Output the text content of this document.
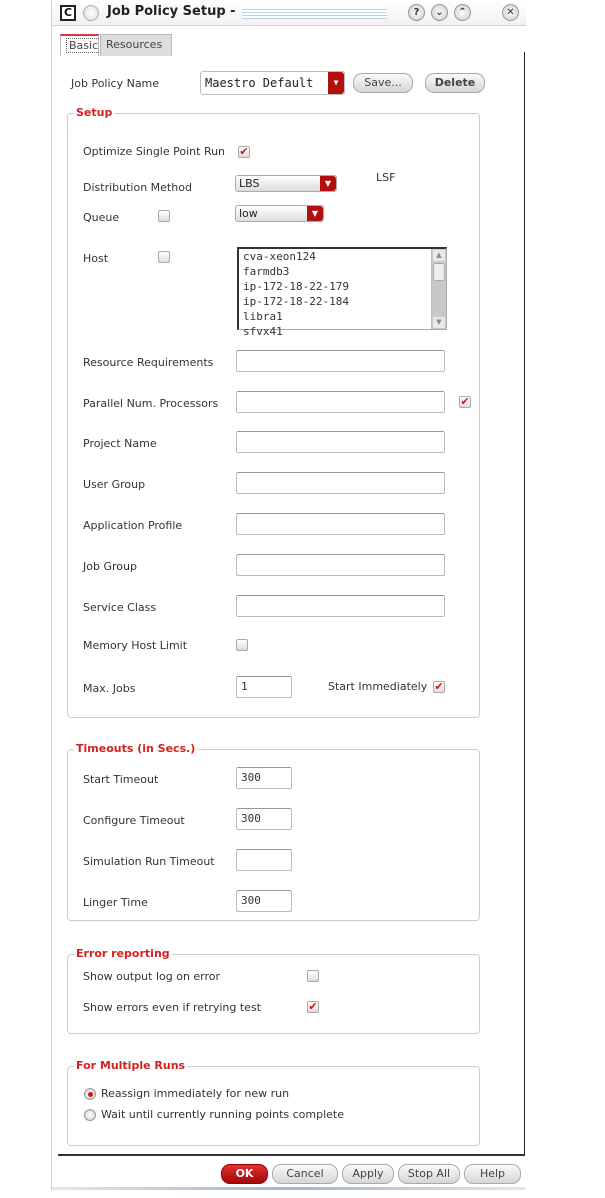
C	Job Policy Setup -	?	⌄	⌃	✕
Basic Resources
Job Policy Name	Maestro Default	▼	Save...	Delete
Setup
Optimize Single Point Run ✔
Distribution Method	LBS	▼	LSF
Queue	low	▼
Host	cva-xeon124
farmdb3
ip-172-18-22-179
ip-172-18-22-184
libra1
sfvx41
▲
▼
Resource Requirements
Parallel Num. Processors	✔
Project Name
User Group
Application Profile
Job Group
Service Class
Memory Host Limit
Max. Jobs	1	Start Immediately ✔
Timeouts (in Secs.)
Start Timeout	300
Configure Timeout	300
Simulation Run Timeout
Linger Time	300
Error reporting
Show output log on error
Show errors even if retrying test	✔
For Multiple Runs
Reassign immediately for new run
Wait until currently running points complete
OK	Cancel	Apply	Stop All	Help
